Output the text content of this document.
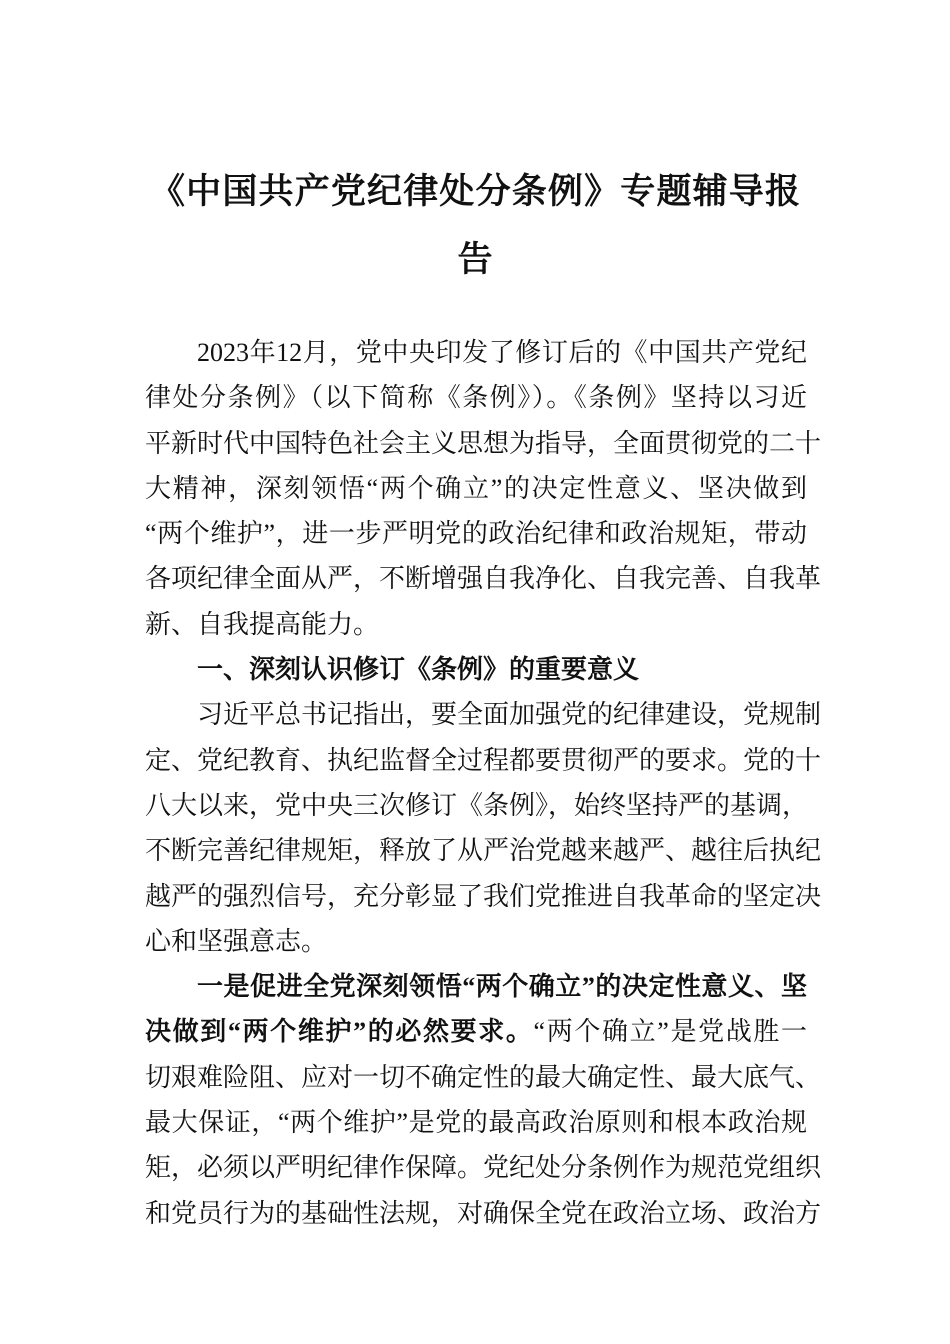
《中国共产党纪律处分条例》专题辅导报
告
2023年12月，党中央印发了修订后的《中国共产党纪
律处分条例》（以下简称《条例》）。《条例》坚持以习近
平新时代中国特色社会主义思想为指导，全面贯彻党的二十
大精神，深刻领悟“两个确立”的决定性意义、坚决做到
“两个维护”，进一步严明党的政治纪律和政治规矩，带动
各项纪律全面从严，不断增强自我净化、自我完善、自我革
新、自我提高能力。
一、深刻认识修订《条例》的重要意义
习近平总书记指出，要全面加强党的纪律建设，党规制
定、党纪教育、执纪监督全过程都要贯彻严的要求。党的十
八大以来，党中央三次修订《条例》，始终坚持严的基调，
不断完善纪律规矩，释放了从严治党越来越严、越往后执纪
越严的强烈信号，充分彰显了我们党推进自我革命的坚定决
心和坚强意志。
一是促进全党深刻领悟“两个确立”的决定性意义、坚
决做到“两个维护”的必然要求。“两个确立”是党战胜一
切艰难险阻、应对一切不确定性的最大确定性、最大底气、
最大保证，“两个维护”是党的最高政治原则和根本政治规
矩，必须以严明纪律作保障。党纪处分条例作为规范党组织
和党员行为的基础性法规，对确保全党在政治立场、政治方
